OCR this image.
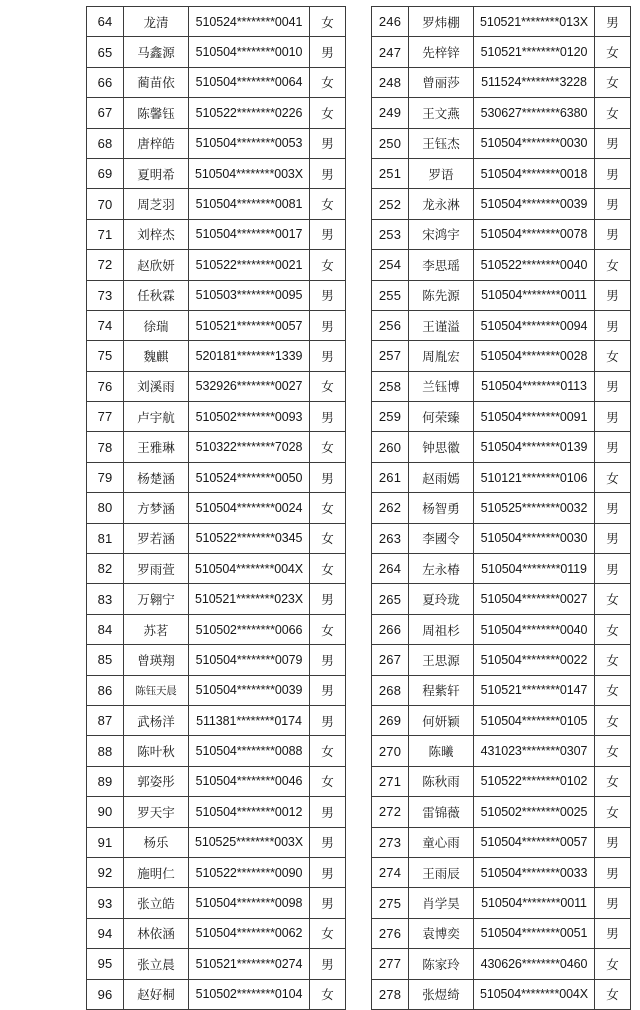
64	龙清	510524********0041	女
65	马鑫源	510504********0010	男
66	蔺苗依	510504********0064	女
67	陈馨钰	510522********0226	女
68	唐梓皓	510504********0053	男
69	夏明希	510504********003X	男
70	周芝羽	510504********0081	女
71	刘梓杰	510504********0017	男
72	赵欣妍	510522********0021	女
73	任秋霖	510503********0095	男
74	徐瑞	510521********0057	男
75	魏麒	520181********1339	男
76	刘溪雨	532926********0027	女
77	卢宇航	510502********0093	男
78	王雅琳	510322********7028	女
79	杨楚涵	510524********0050	男
80	方梦涵	510504********0024	女
81	罗若涵	510522********0345	女
82	罗雨萱	510504********004X	女
83	万翱宁	510521********023X	男
84	苏茗	510502********0066	女
85	曾瑛翔	510504********0079	男
86	陈钰天晨	510504********0039	男
87	武杨洋	511381********0174	男
88	陈叶秋	510504********0088	女
89	郭姿彤	510504********0046	女
90	罗天宇	510504********0012	男
91	杨乐	510525********003X	男
92	施明仁	510522********0090	男
93	张立皓	510504********0098	男
94	林依涵	510504********0062	女
95	张立晨	510521********0274	男
96	赵好桐	510502********0104	女
246	罗炜棚	510521********013X	男
247	先梓锌	510521********0120	女
248	曾丽莎	511524********3228	女
249	王文燕	530627********6380	女
250	王钰杰	510504********0030	男
251	罗语	510504********0018	男
252	龙永淋	510504********0039	男
253	宋鸿宇	510504********0078	男
254	李思瑶	510522********0040	女
255	陈先源	510504********0011	男
256	王谨溢	510504********0094	男
257	周胤宏	510504********0028	女
258	兰钰博	510504********0113	男
259	何荣臻	510504********0091	男
260	钟思徽	510504********0139	男
261	赵雨嫣	510121********0106	女
262	杨智勇	510525********0032	男
263	李國令	510504********0030	男
264	左永椿	510504********0119	男
265	夏玲珑	510504********0027	女
266	周祖杉	510504********0040	女
267	王思源	510504********0022	女
268	程紫轩	510521********0147	女
269	何妍颖	510504********0105	女
270	陈曦	431023********0307	女
271	陈秋雨	510522********0102	女
272	雷锦薇	510502********0025	女
273	童心雨	510504********0057	男
274	王雨辰	510504********0033	男
275	肖学昊	510504********0011	男
276	袁博奕	510504********0051	男
277	陈家玲	430626********0460	女
278	张煜绮	510504********004X	女
